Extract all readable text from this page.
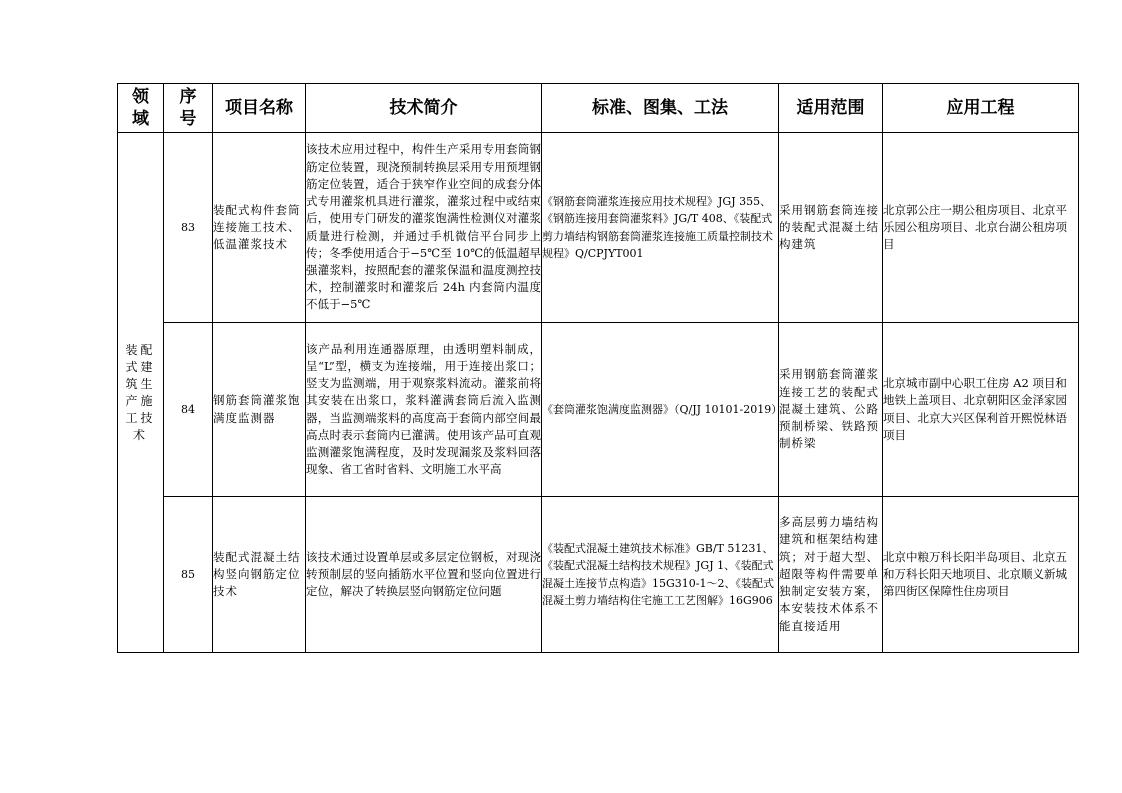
领域	序号	项目名称	技术简介	标准、图集、工法	适用范围	应用工程

装配式建筑生产施工技术	83	装配式构件套筒连接施工技术、低温灌浆技术	该技术应用过程中，构件生产采用专用套筒钢筋定位装置，现浇预制转换层采用专用预埋钢筋定位装置，适合于狭窄作业空间的成套分体式专用灌浆机具进行灌浆，灌浆过程中或结束后，使用专门研发的灌浆饱满性检测仪对灌浆质量进行检测，并通过手机微信平台同步上传；冬季使用适合于−5℃至 10℃的低温超早强灌浆料，按照配套的灌浆保温和温度测控技术，控制灌浆时和灌浆后 24h 内套筒内温度不低于−5℃	《钢筋套筒灌浆连接应用技术规程》JGJ 355、《钢筋连接用套筒灌浆料》JG/T 408、《装配式剪力墙结构钢筋套筒灌浆连接施工质量控制技术规程》Q/CPJYT001	采用钢筋套筒连接的装配式混凝土结构建筑	北京郭公庄一期公租房项目、北京平乐园公租房项目、北京台湖公租房项目
	84	钢筋套筒灌浆饱满度监测器	该产品利用连通器原理，由透明塑料制成，呈“L”型，横支为连接端，用于连接出浆口；竖支为监测端，用于观察浆料流动。灌浆前将其安装在出浆口，浆料灌满套筒后流入监测器，当监测端浆料的高度高于套筒内部空间最高点时表示套筒内已灌满。使用该产品可直观监测灌浆饱满程度，及时发现漏浆及浆料回落现象、省工省时省料、文明施工水平高	《套筒灌浆饱满度监测器》（Q/JJ 10101-2019）	采用钢筋套筒灌浆连接工艺的装配式混凝土建筑、公路预制桥梁、铁路预制桥梁	北京城市副中心职工住房 A2 项目和地铁上盖项目、北京朝阳区金泽家园项目、北京大兴区保利首开熙悦林语项目
	85	装配式混凝土结构竖向钢筋定位技术	该技术通过设置单层或多层定位钢板，对现浇转预制层的竖向插筋水平位置和竖向位置进行定位，解决了转换层竖向钢筋定位问题	《装配式混凝土建筑技术标准》GB/T 51231、《装配式混凝土结构技术规程》JGJ 1、《装配式混凝土连接节点构造》15G310-1～2、《装配式混凝土剪力墙结构住宅施工工艺图解》16G906	多高层剪力墙结构建筑和框架结构建筑；对于超大型、超限等构件需要单独制定安装方案，本安装技术体系不能直接适用	北京中粮万科长阳半岛项目、北京五和万科长阳天地项目、北京顺义新城第四街区保障性住房项目
